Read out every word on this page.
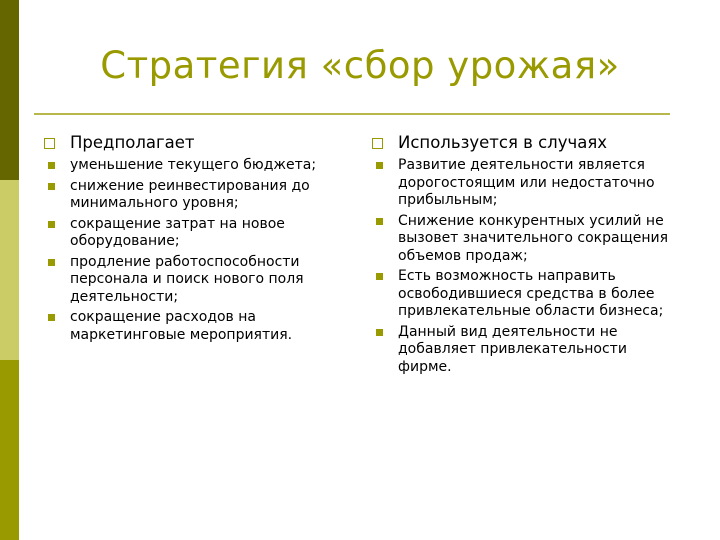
Стратегия «сбор урожая»
Предполагает
уменьшение текущего бюджета;
снижение реинвестирования до минимального уровня;
сокращение затрат на новое оборудование;
продление работоспособности персонала и поиск нового поля деятельности;
сокращение расходов на маркетинговые мероприятия.
Используется в случаях
Развитие деятельности является дорогостоящим или недостаточно прибыльным;
Снижение конкурентных усилий не вызовет значительного сокращения объемов продаж;
Есть возможность направить освободившиеся средства в более привлекательные области бизнеса;
Данный вид деятельности не добавляет привлекательности фирме.
